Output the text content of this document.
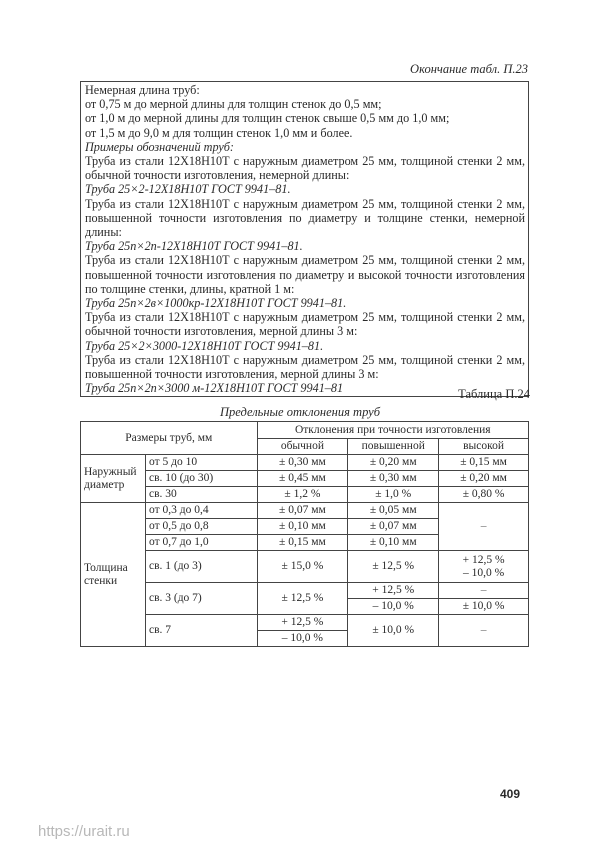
Окончание табл. П.23
Немерная длина труб:
от 0,75 м до мерной длины для толщин стенок до 0,5 мм;
от 1,0 м до мерной длины для толщин стенок свыше 0,5 мм до 1,0 мм;
от 1,5 м до 9,0 м для толщин стенок 1,0 мм и более.
Примеры обозначений труб:
Труба из стали 12Х18Н10Т с наружным диаметром 25 мм, толщиной стенки 2 мм, обычной точности изготовления, немерной длины:
Труба 25×2-12Х18Н10Т ГОСТ 9941–81.
Труба из стали 12Х18Н10Т с наружным диаметром 25 мм, толщиной стенки 2 мм, повышенной точности изготовления по диаметру и толщине стенки, немерной длины:
Труба 25п×2п-12Х18Н10Т ГОСТ 9941–81.
Труба из стали 12Х18Н10Т с наружным диаметром 25 мм, толщиной стенки 2 мм, повышенной точности изготовления по диаметру и высокой точности изготовления по толщине стенки, длины, кратной 1 м:
Труба 25п×2в×1000кр-12Х18Н10Т ГОСТ 9941–81.
Труба из стали 12Х18Н10Т с наружным диаметром 25 мм, толщиной стенки 2 мм, обычной точности изготовления, мерной длины 3 м:
Труба 25×2×3000-12Х18Н10Т ГОСТ 9941–81.
Труба из стали 12Х18Н10Т с наружным диаметром 25 мм, толщиной стенки 2 мм, повышенной точности изготовления, мерной длины 3 м:
Труба 25п×2п×3000 м-12Х18Н10Т ГОСТ 9941–81	Таблица П.24
Предельные отклонения труб
Размеры труб, мм		Отклонения при точности изготовления		
		обычной	повышенной	высокой
Наружный диаметр	от 5 до 10	± 0,30 мм	± 0,20 мм	± 0,15 мм
	св. 10 (до 30)	± 0,45 мм	± 0,30 мм	± 0,20 мм
	св. 30	± 1,2 %	± 1,0 %	± 0,80 %
Толщина стенки	от 0,3 до 0,4	± 0,07 мм	± 0,05 мм	–
	от 0,5 до 0,8	± 0,10 мм	± 0,07 мм	
	от 0,7 до 1,0	± 0,15 мм	± 0,10 мм	
	св. 1 (до 3)	± 15,0 %	± 12,5 %	+ 12,5 %
– 10,0 %

	св. 3 (до 7)	± 12,5 %	+ 12,5 %	–
			– 10,0 %	± 10,0 %
	св. 7	+ 12,5 %	± 10,0 %	–
		– 10,0 %		
409
https://urait.ru
